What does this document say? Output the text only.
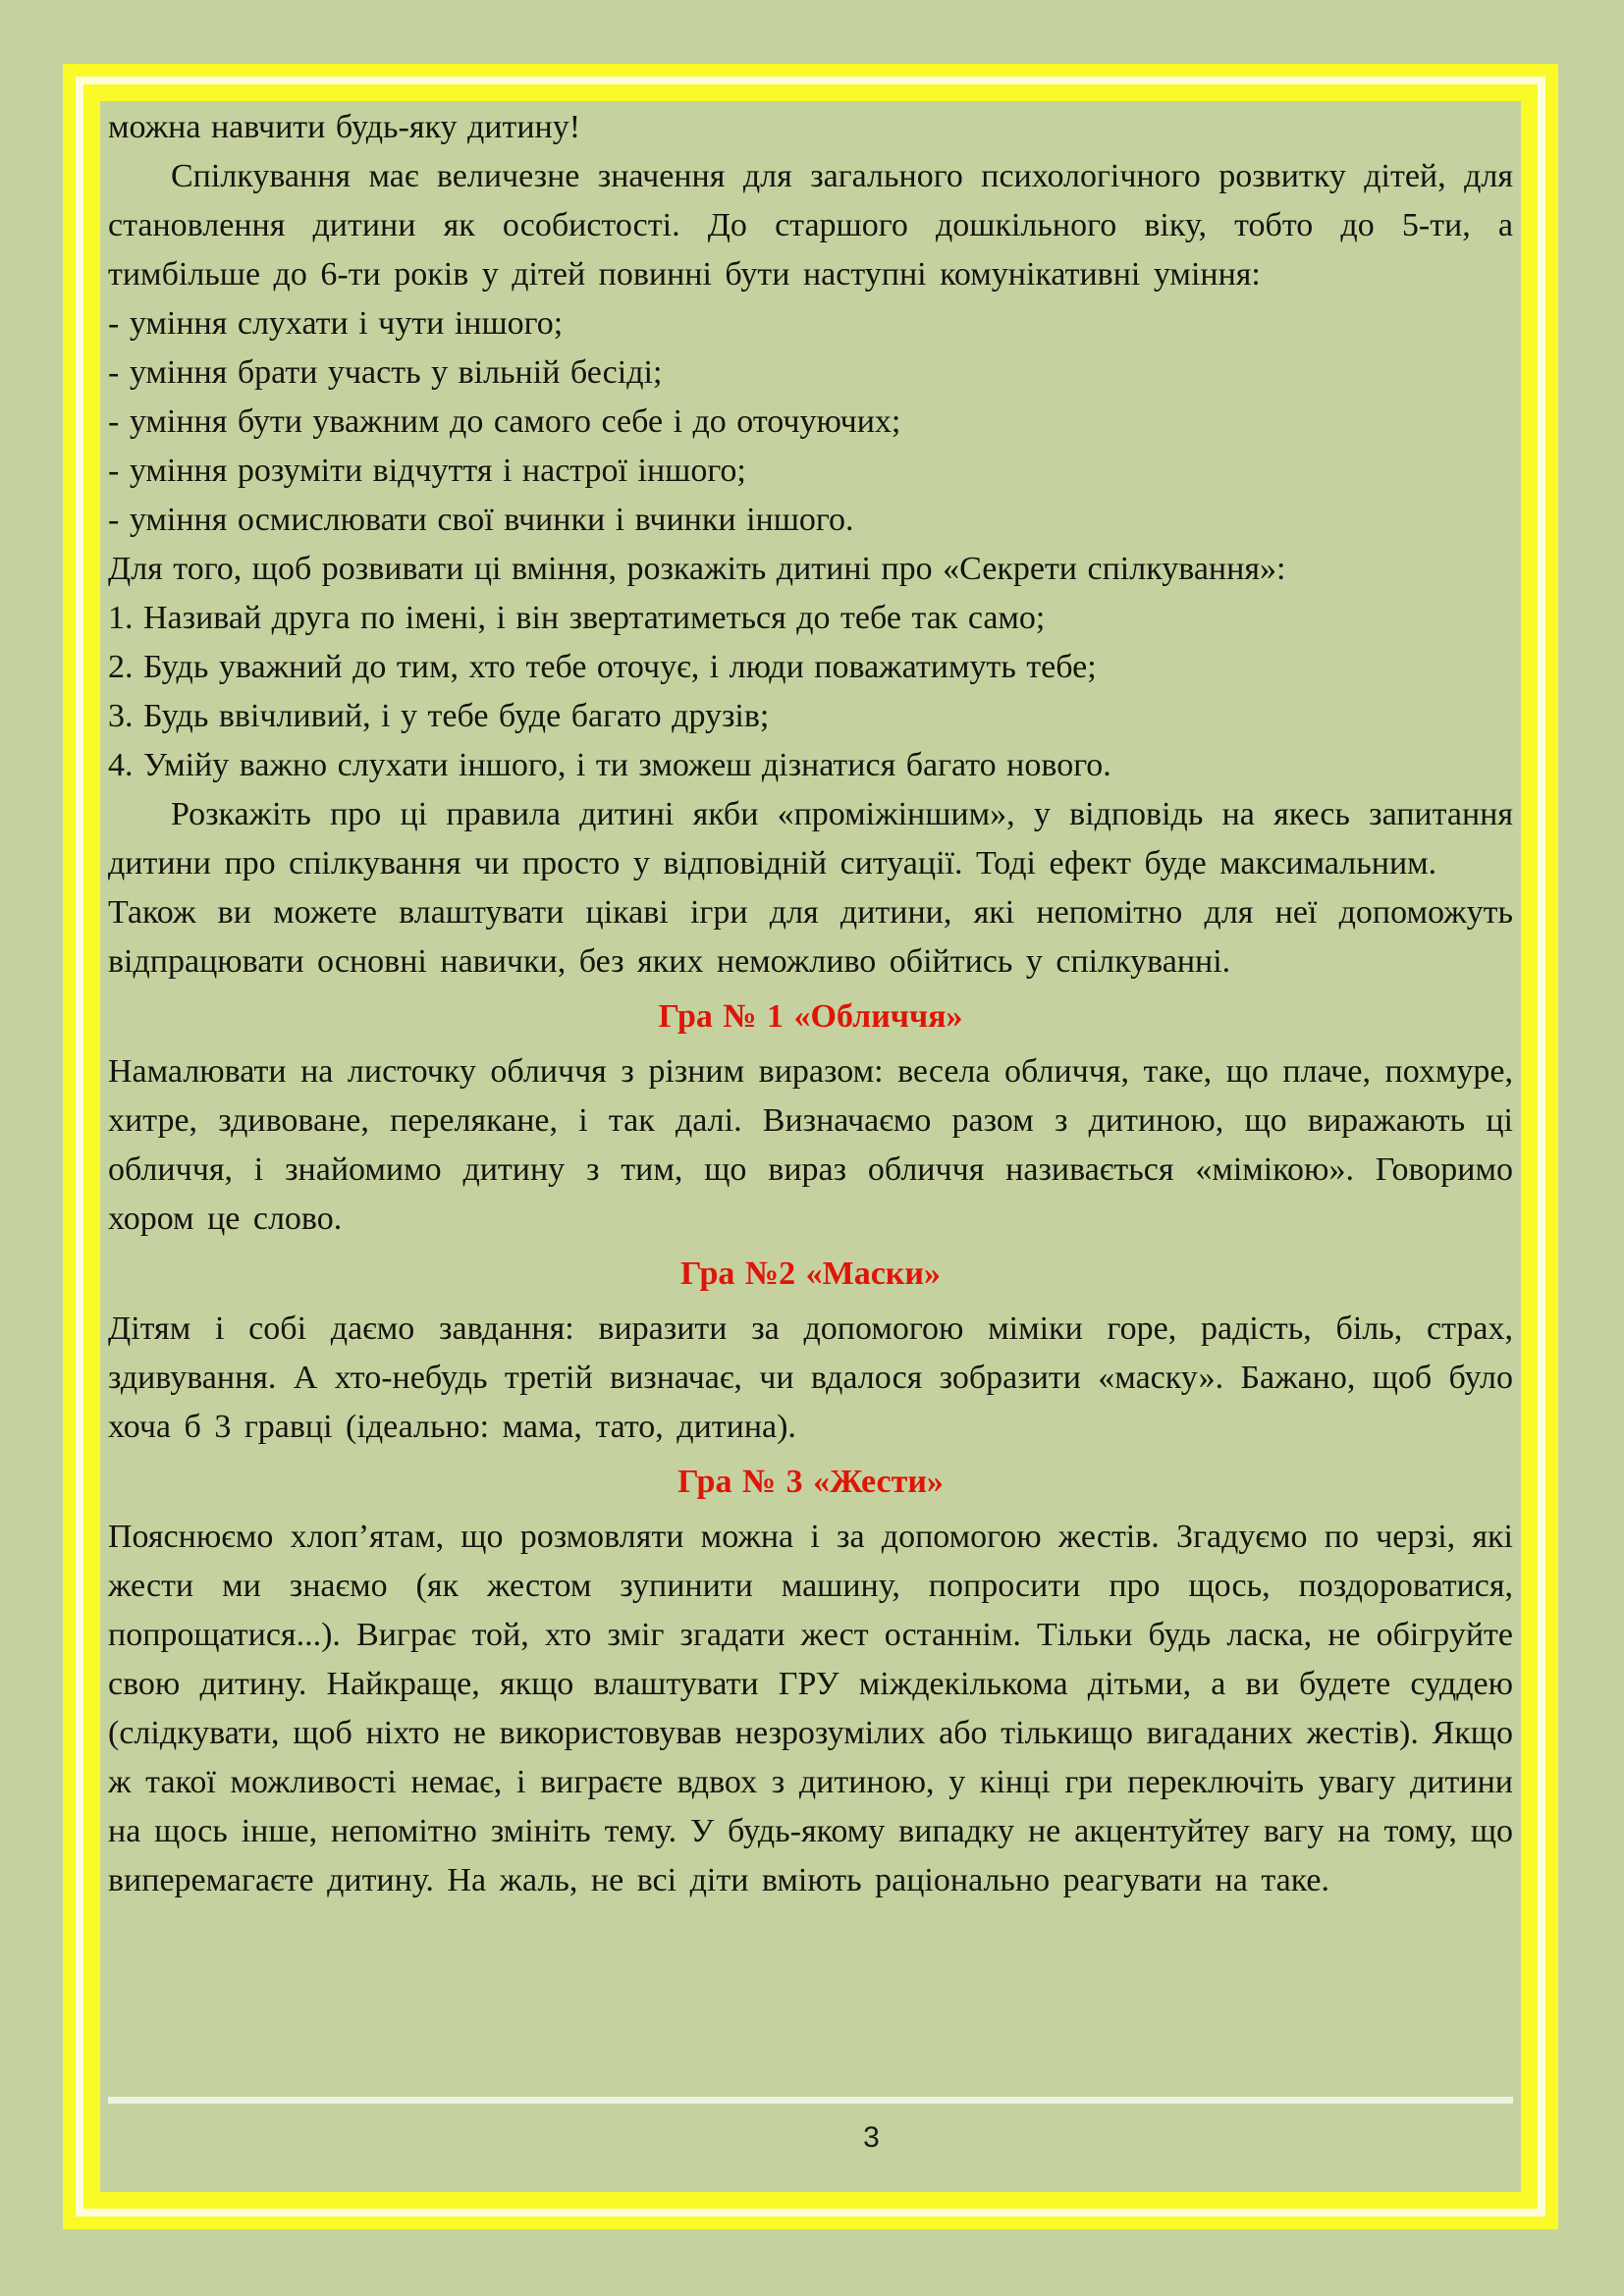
можна навчити будь-яку дитину!

Спілкування має величезне значення для загального психологічного розвитку дітей, для становлення дитини як особистості. До старшого дошкільного віку, тобто до 5-ти, а тимбільше до 6-ти років у дітей повинні бути наступні комунікативні уміння:

- уміння слухати і чути іншого;

- уміння брати участь у вільній бесіді;

- уміння бути уважним до самого себе і до оточуючих;

- уміння розуміти відчуття і настрої іншого;

- уміння осмислювати свої вчинки і вчинки іншого.

Для того, щоб розвивати ці вміння, розкажіть дитині про «Секрети спілкування»:

1. Називай друга по імені, і він звертатиметься до тебе так само;

2. Будь уважний до тим, хто тебе оточує, і люди поважатимуть тебе;

3. Будь ввічливий, і у тебе буде багато друзів;

4. Умійу важно слухати іншого, і ти зможеш дізнатися багато нового.

Розкажіть про ці правила дитині якби «проміжіншим», у відповідь на якесь запитання дитини про спілкування чи просто у відповідній ситуації. Тоді ефект буде максимальним.

Також ви можете влаштувати цікаві ігри для дитини, які непомітно для неї допоможуть відпрацювати основні навички, без яких неможливо обійтись у спілкуванні.

Гра № 1 «Обличчя»

Намалювати на листочку обличчя з різним виразом: весела обличчя, таке, що плаче, похмуре, хитре, здивоване, перелякане, і так далі. Визначаємо разом з дитиною, що виражають ці обличчя, і знайомимо дитину з тим, що вираз обличчя називається «мімікою». Говоримо хором це слово.

Гра №2 «Маски»

Дітям і собі даємо завдання: виразити за допомогою міміки горе, радість, біль, страх, здивування. А хто-небудь третій визначає, чи вдалося зобразити «маску». Бажано, щоб було хоча б 3 гравці (ідеально: мама, тато, дитина).

Гра № 3 «Жести»

Пояснюємо хлоп’ятам, що розмовляти можна і за допомогою жестів. Згадуємо по черзі, які жести ми знаємо (як жестом зупинити машину, попросити про щось, поздороватися, попрощатися...). Виграє той, хто зміг згадати жест останнім. Тільки будь ласка, не обігруйте свою дитину. Найкраще, якщо влаштувати ГРУ міждекількома дітьми, а ви будете суддею (слідкувати, щоб ніхто не використовував незрозумілих або тількищо вигаданих жестів). Якщо ж такої можливості немає, і виграєте вдвох з дитиною, у кінці гри переключіть увагу дитини на щось інше, непомітно змініть тему. У будь-якому випадку не акцентуйтеу вагу на тому, що виперемагаєте дитину. На жаль, не всі діти вміють раціонально реагувати на таке.

3
